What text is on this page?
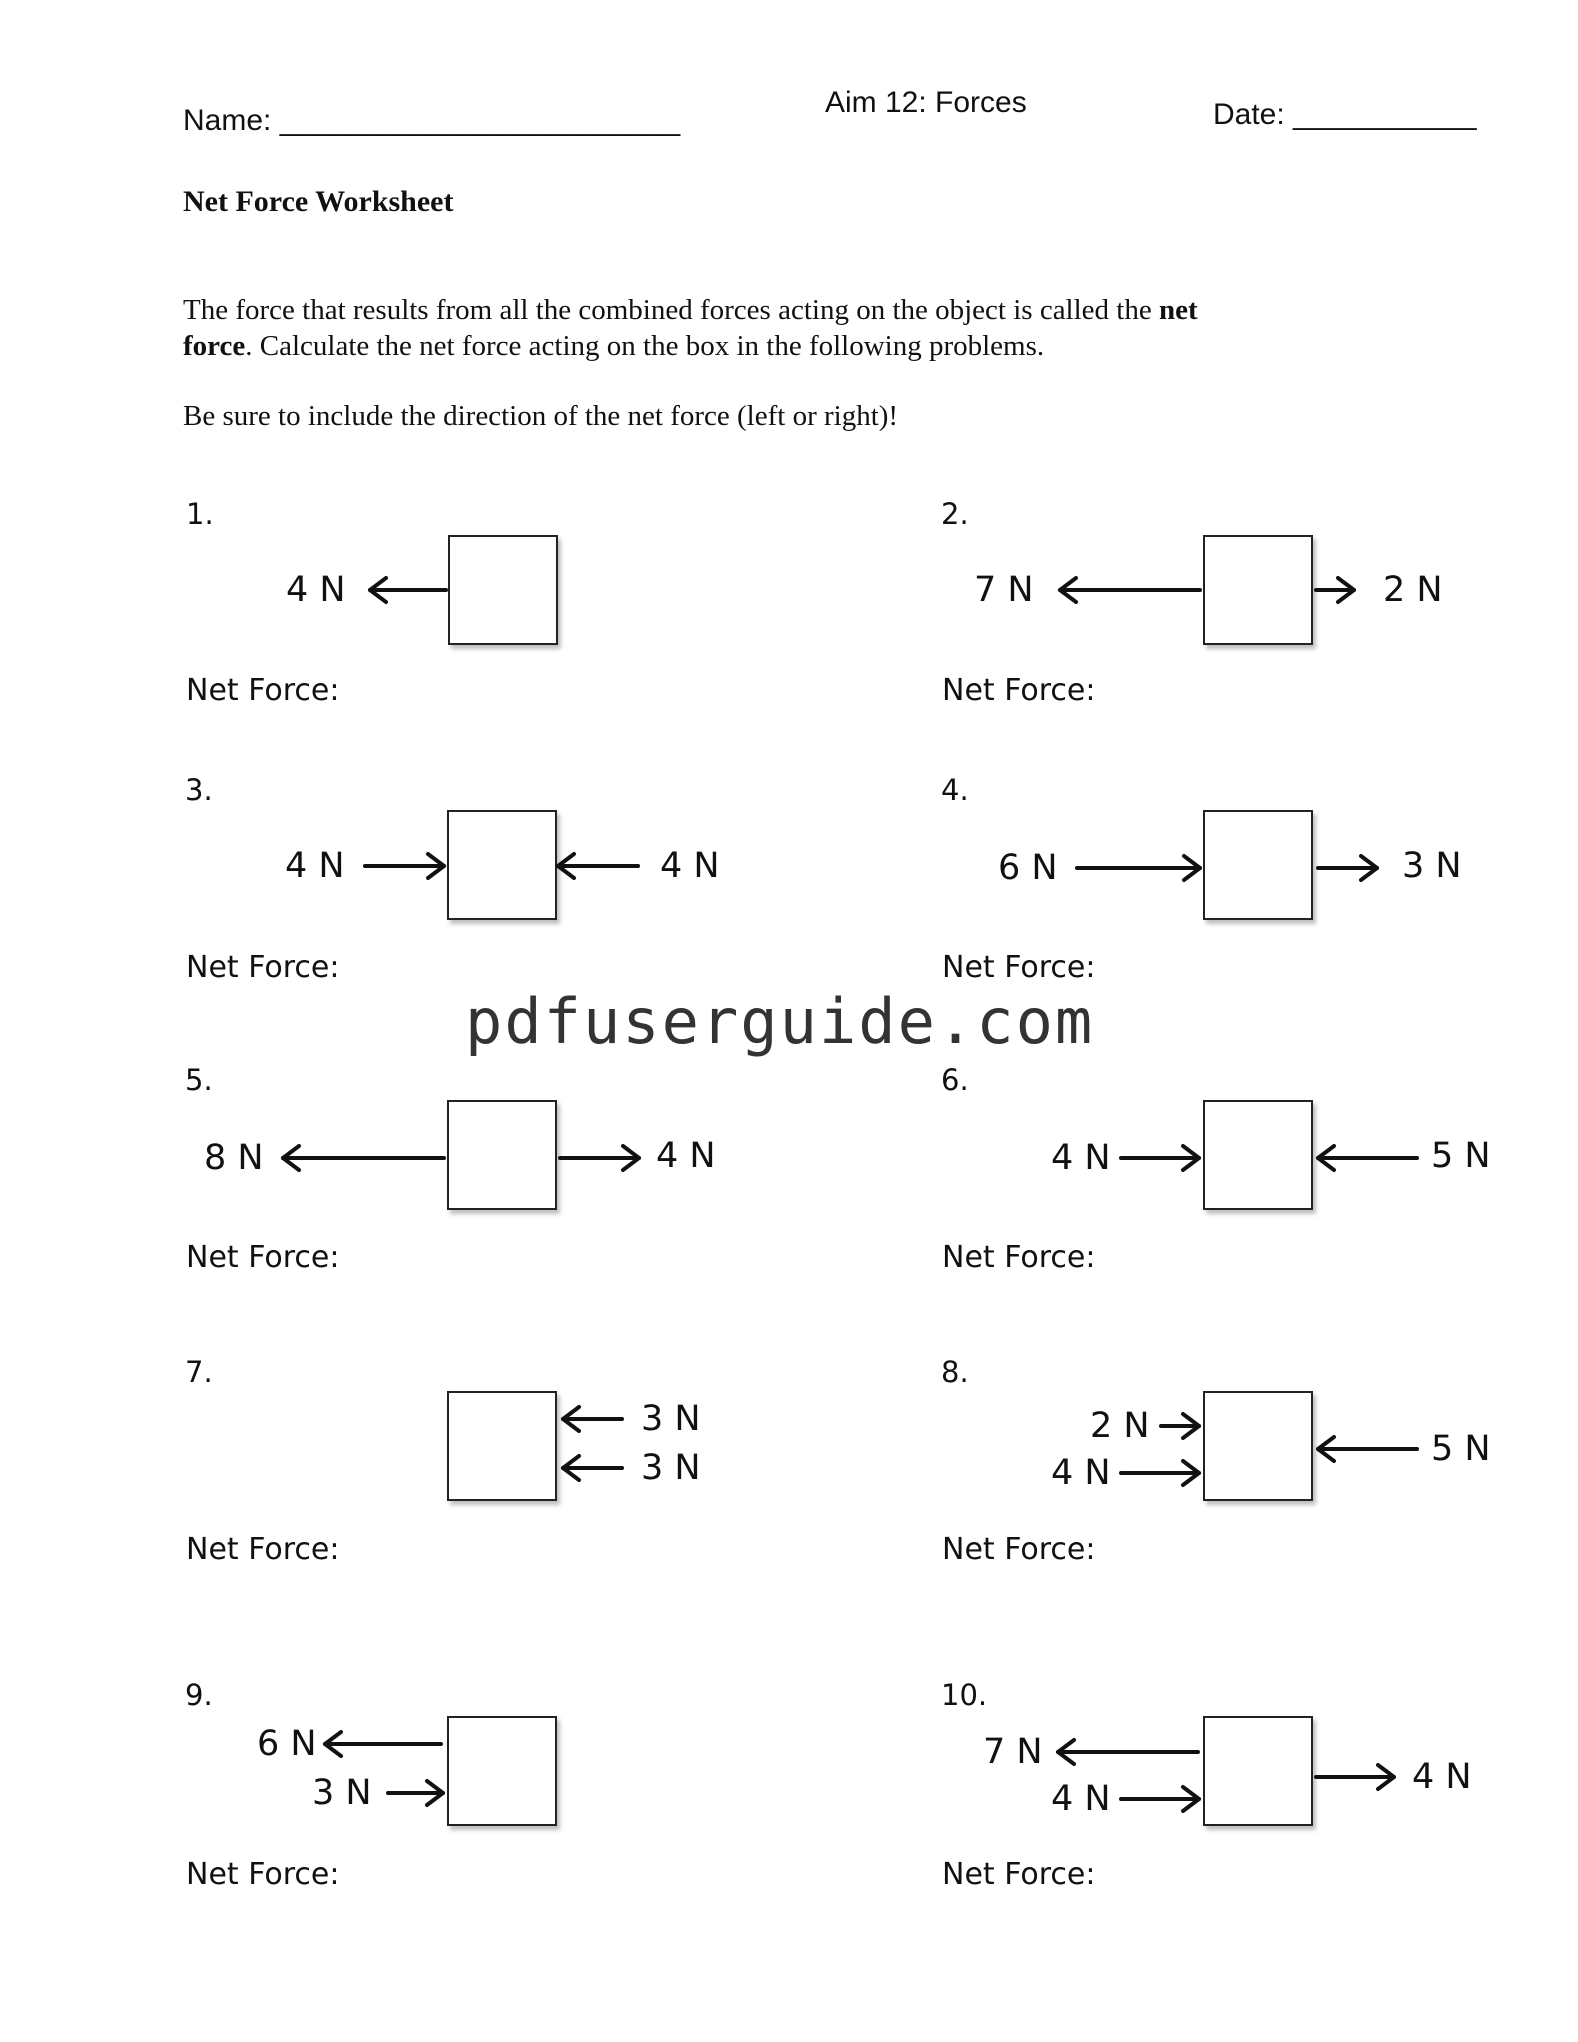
Name: ________________________
Aim 12: Forces	Date: ___________
Net Force Worksheet
The force that results from all the combined forces acting on the object is called the net
force. Calculate the net force acting on the box in the following problems.
Be sure to include the direction of the net force (left or right)!
1.	2.
3.	4.
5.	6.
7.	8.
9.	10.
Net Force:	Net Force:
Net Force:	Net Force:
Net Force:	Net Force:
Net Force:	Net Force:
Net Force:	Net Force:
4 N	7 N	2 N
4 N	4 N	6 N	3 N
8 N	4 N	4 N	5 N
3 N
3 N
2 N
4 N
5 N
6 N
3 N
7 N
4 N
4 N
pdfuserguide.com
